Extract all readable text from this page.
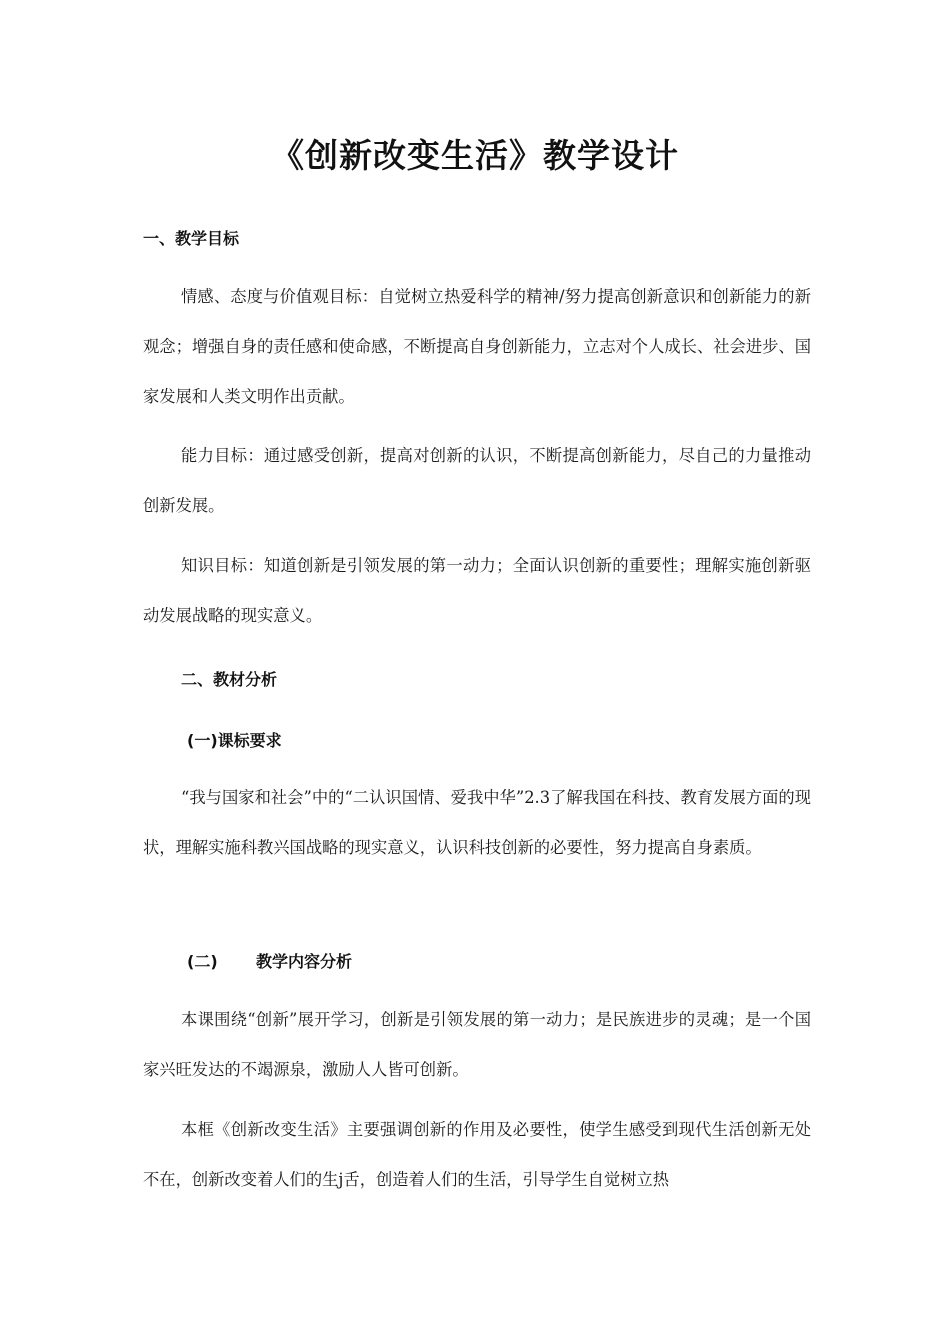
《创新改变生活》教学设计
一、教学目标
情感、态度与价值观目标：自觉树立热爱科学的精神/努力提高创新意识和创新能力的新观念；增强自身的责任感和使命感，不断提高自身创新能力，立志对个人成长、社会进步、国家发展和人类文明作出贡献。
能力目标：通过感受创新，提高对创新的认识，不断提高创新能力，尽自己的力量推动创新发展。
知识目标：知道创新是引领发展的第一动力；全面认识创新的重要性；理解实施创新驱动发展战略的现实意义。
二、教材分析
(一)课标要求
“我与国家和社会”中的“二认识国情、爱我中华”2.3了解我国在科技、教育发展方面的现状，理解实施科教兴国战略的现实意义，认识科技创新的必要性，努力提高自身素质。
(二) 教学内容分析
本课围绕“创新”展开学习，创新是引领发展的第一动力；是民族进步的灵魂；是一个国家兴旺发达的不竭源泉，激励人人皆可创新。
本框《创新改变生活》主要强调创新的作用及必要性，使学生感受到现代生活创新无处不在，创新改变着人们的生j舌，创造着人们的生活，引导学生自觉树立热
